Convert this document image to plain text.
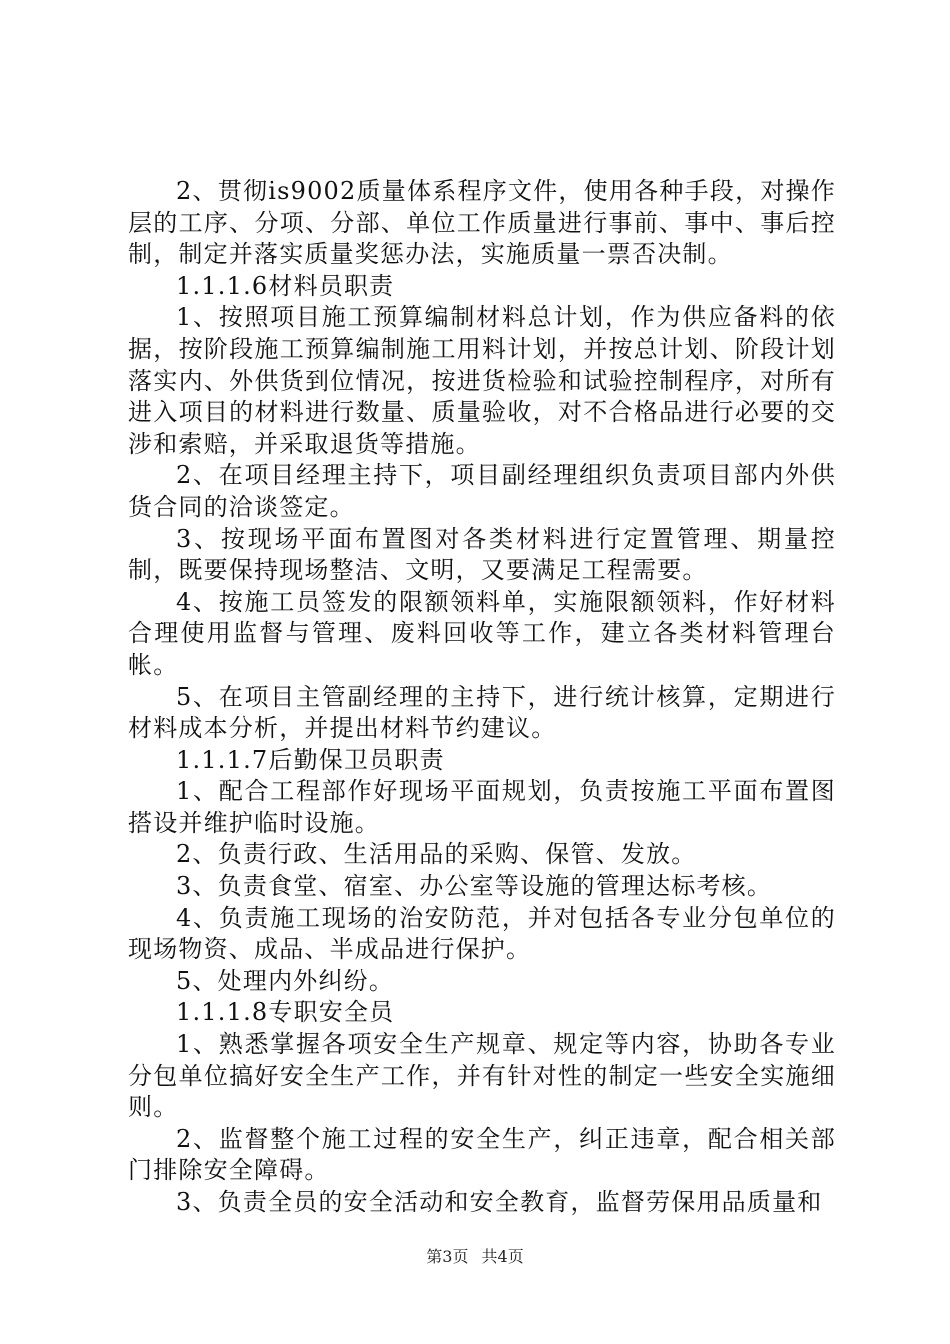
2、贯彻is9002质量体系程序文件，使用各种手段，对操作层的工序、分项、分部、单位工作质量进行事前、事中、事后控制，制定并落实质量奖惩办法，实施质量一票否决制。

1.1.1.6材料员职责

1、按照项目施工预算编制材料总计划，作为供应备料的依据，按阶段施工预算编制施工用料计划，并按总计划、阶段计划落实内、外供货到位情况，按进货检验和试验控制程序，对所有进入项目的材料进行数量、质量验收，对不合格品进行必要的交涉和索赔，并采取退货等措施。

2、在项目经理主持下，项目副经理组织负责项目部内外供货合同的洽谈签定。

3、按现场平面布置图对各类材料进行定置管理、期量控制，既要保持现场整洁、文明，又要满足工程需要。

4、按施工员签发的限额领料单，实施限额领料，作好材料合理使用监督与管理、废料回收等工作，建立各类材料管理台帐。

5、在项目主管副经理的主持下，进行统计核算，定期进行材料成本分析，并提出材料节约建议。

1.1.1.7后勤保卫员职责

1、配合工程部作好现场平面规划，负责按施工平面布置图搭设并维护临时设施。

2、负责行政、生活用品的采购、保管、发放。

3、负责食堂、宿室、办公室等设施的管理达标考核。

4、负责施工现场的治安防范，并对包括各专业分包单位的现场物资、成品、半成品进行保护。

5、处理内外纠纷。

1.1.1.8专职安全员

1、熟悉掌握各项安全生产规章、规定等内容，协助各专业分包单位搞好安全生产工作，并有针对性的制定一些安全实施细则。

2、监督整个施工过程的安全生产，纠正违章，配合相关部门排除安全障碍。

3、负责全员的安全活动和安全教育，监督劳保用品质量和

第3页 共4页
